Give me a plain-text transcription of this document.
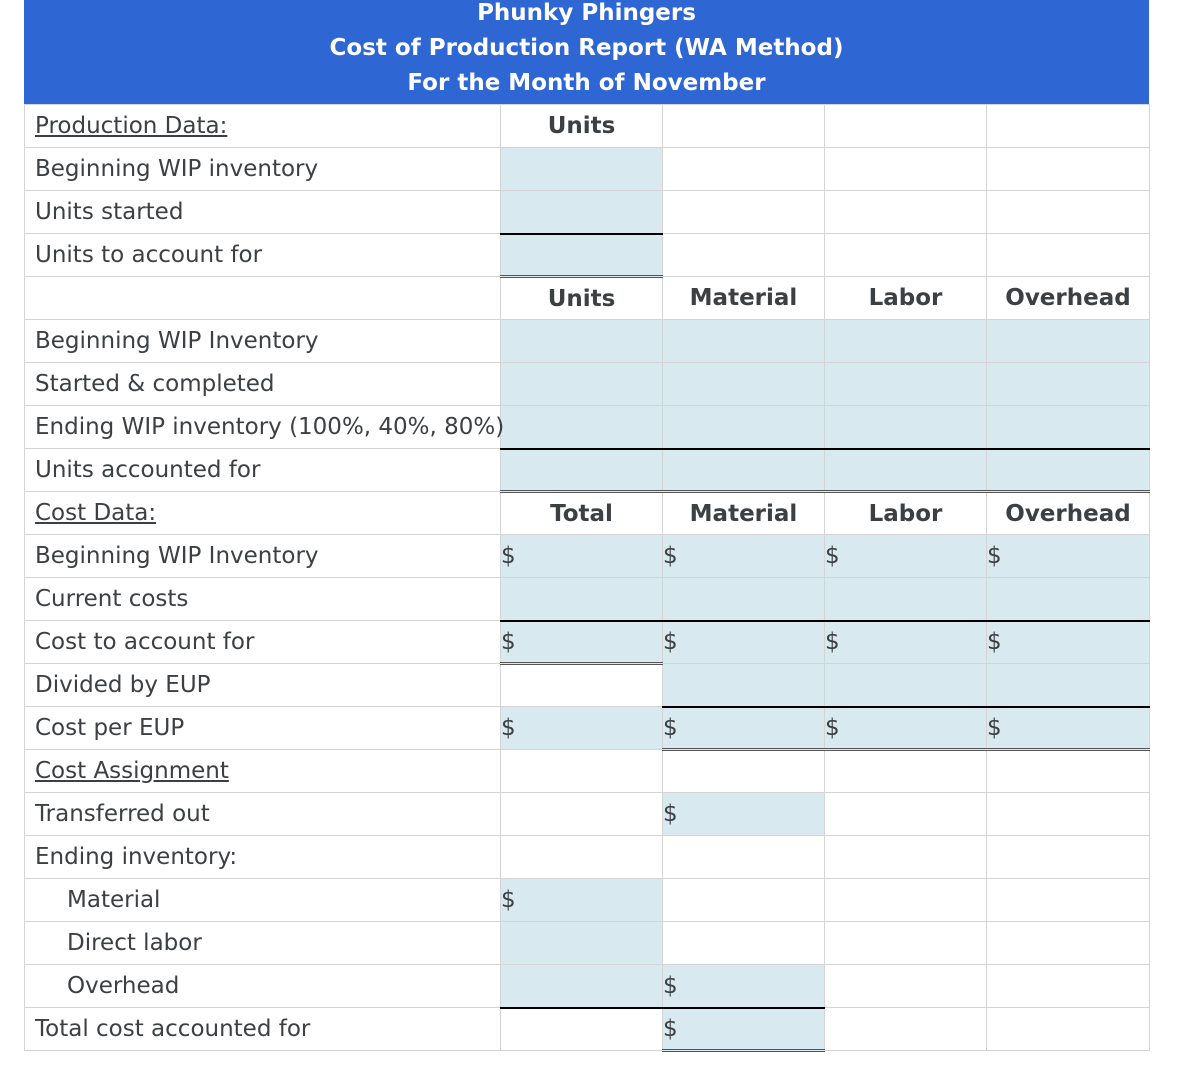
Phunky Phingers
Cost of Production Report (WA Method)
For the Month of November
Production Data:	Units			
Beginning WIP inventory				
Units started				
Units to account for				
	Units	Material	Labor	Overhead
Beginning WIP Inventory				
Started & completed				
Ending WIP inventory (100%, 40%, 80%)				
Units accounted for				
Cost Data:	Total	Material	Labor	Overhead
Beginning WIP Inventory	$	$	$	$
Current costs				
Cost to account for	$	$	$	$
Divided by EUP				
Cost per EUP	$	$	$	$
Cost Assignment				
Transferred out		$		
Ending inventory:				
Material	$			
Direct labor				
Overhead		$		
Total cost accounted for		$		
